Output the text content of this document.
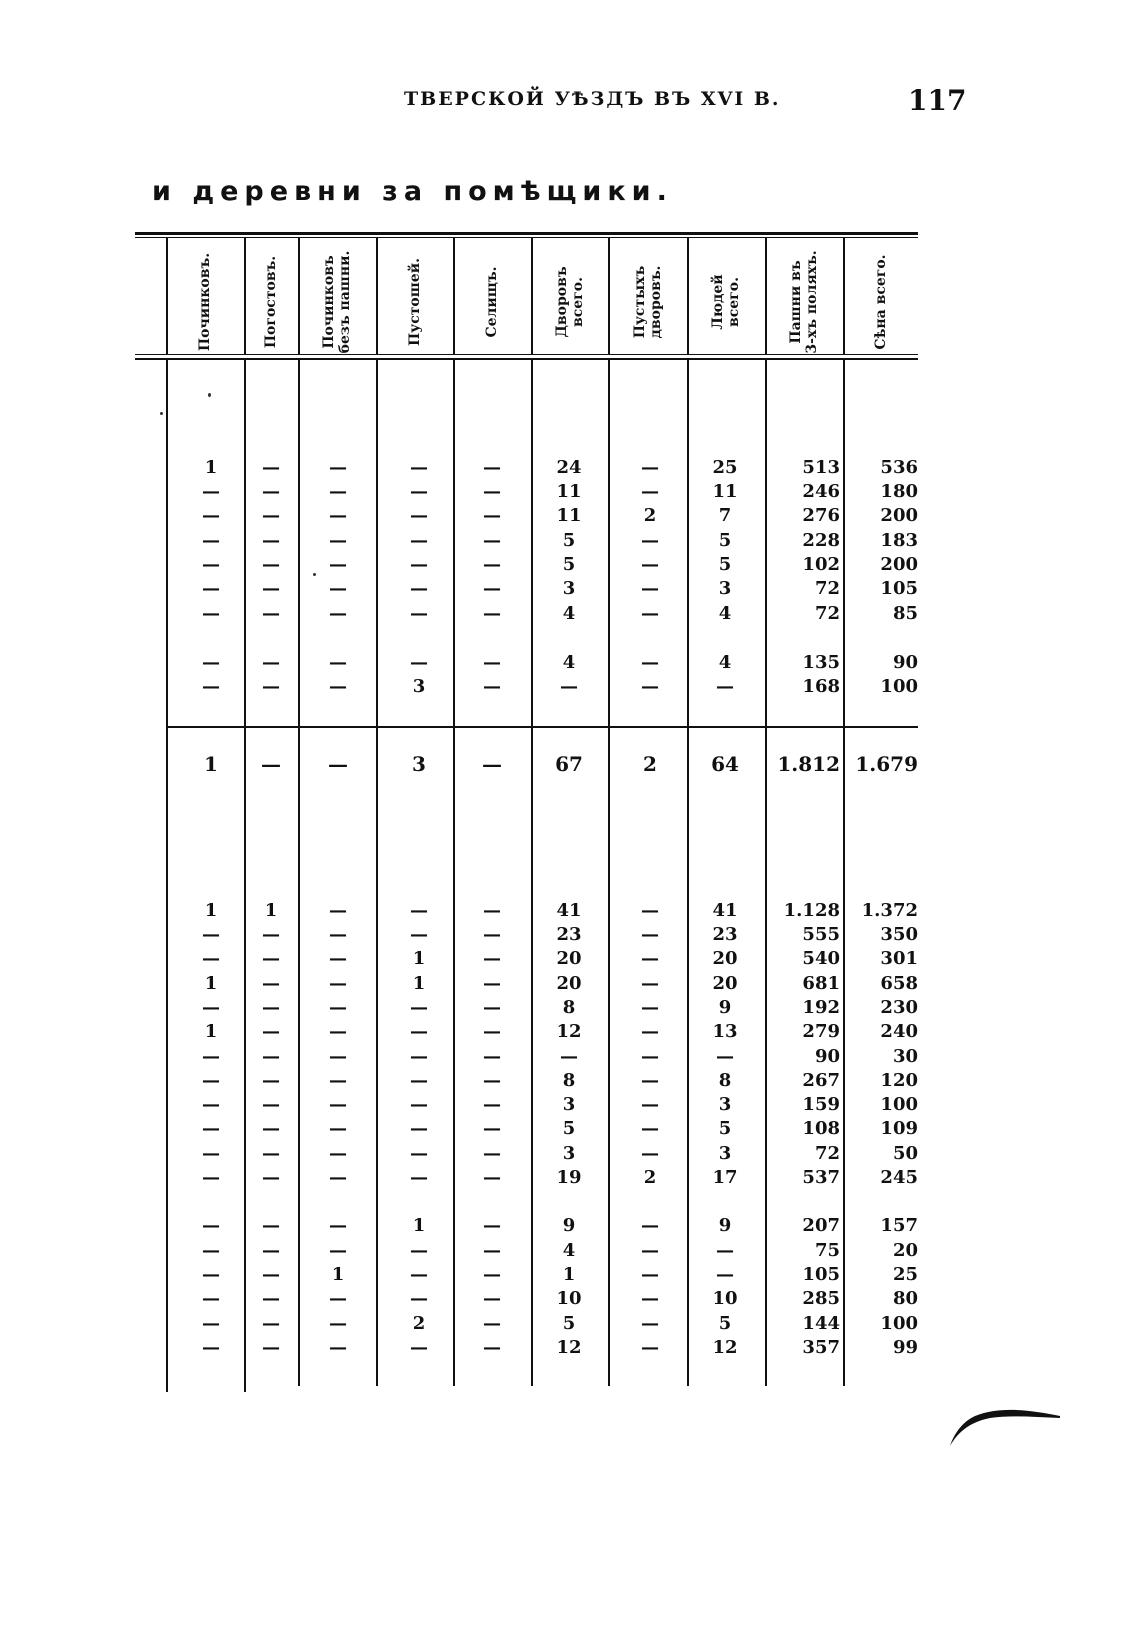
ТВЕРСКОЙ УѢЗДЪ ВЪ XVI В.	117
и деревни за помѣщики.
Починковъ.	Погостовъ.	Починковъ безъ пашни.	Пустошей.	Селищъ.	Дворовъ всего.	Пустыхъ дворовъ.	Людей всего.	Пашни въ 3-хъ поляхъ.	Сѣна всего.
1	—	—	—	—	24	—	25	513	536
—	—	—	—	—	11	—	11	246	180
—	—	—	—	—	11	2	7	276	200
—	—	—	—	—	5	—	5	228	183
—	—	—	—	—	5	—	5	102	200
—	—	—	—	—	3	—	3	72	105
—	—	—	—	—	4	—	4	72	85
—	—	—	—	—	4	—	4	135	90
—	—	—	3	—	—	—	—	168	100
1	—	—	3	—	67	2	64	1.812 1.679
1	1	—	—	—	41	—	41	1.128	1.372
—	—	—	—	—	23	—	23	555	350
—	—	—	1	—	20	—	20	540	301
1	—	—	1	—	20	—	20	681	658
—	—	—	—	—	8	—	9	192	230
1	—	—	—	—	12	—	13	279	240
—	—	—	—	—	—	—	—	90	30
—	—	—	—	—	8	—	8	267	120
—	—	—	—	—	3	—	3	159	100
—	—	—	—	—	5	—	5	108	109
—	—	—	—	—	3	—	3	72	50
—	—	—	—	—	19	2	17	537	245
—	—	—	1	—	9	—	9	207	157
—	—	—	—	—	4	—	—	75	20
—	—	1	—	—	1	—	—	105	25
—	—	—	—	—	10	—	10	285	80
—	—	—	2	—	5	—	5	144	100
—	—	—	—	—	12	—	12	357	99
